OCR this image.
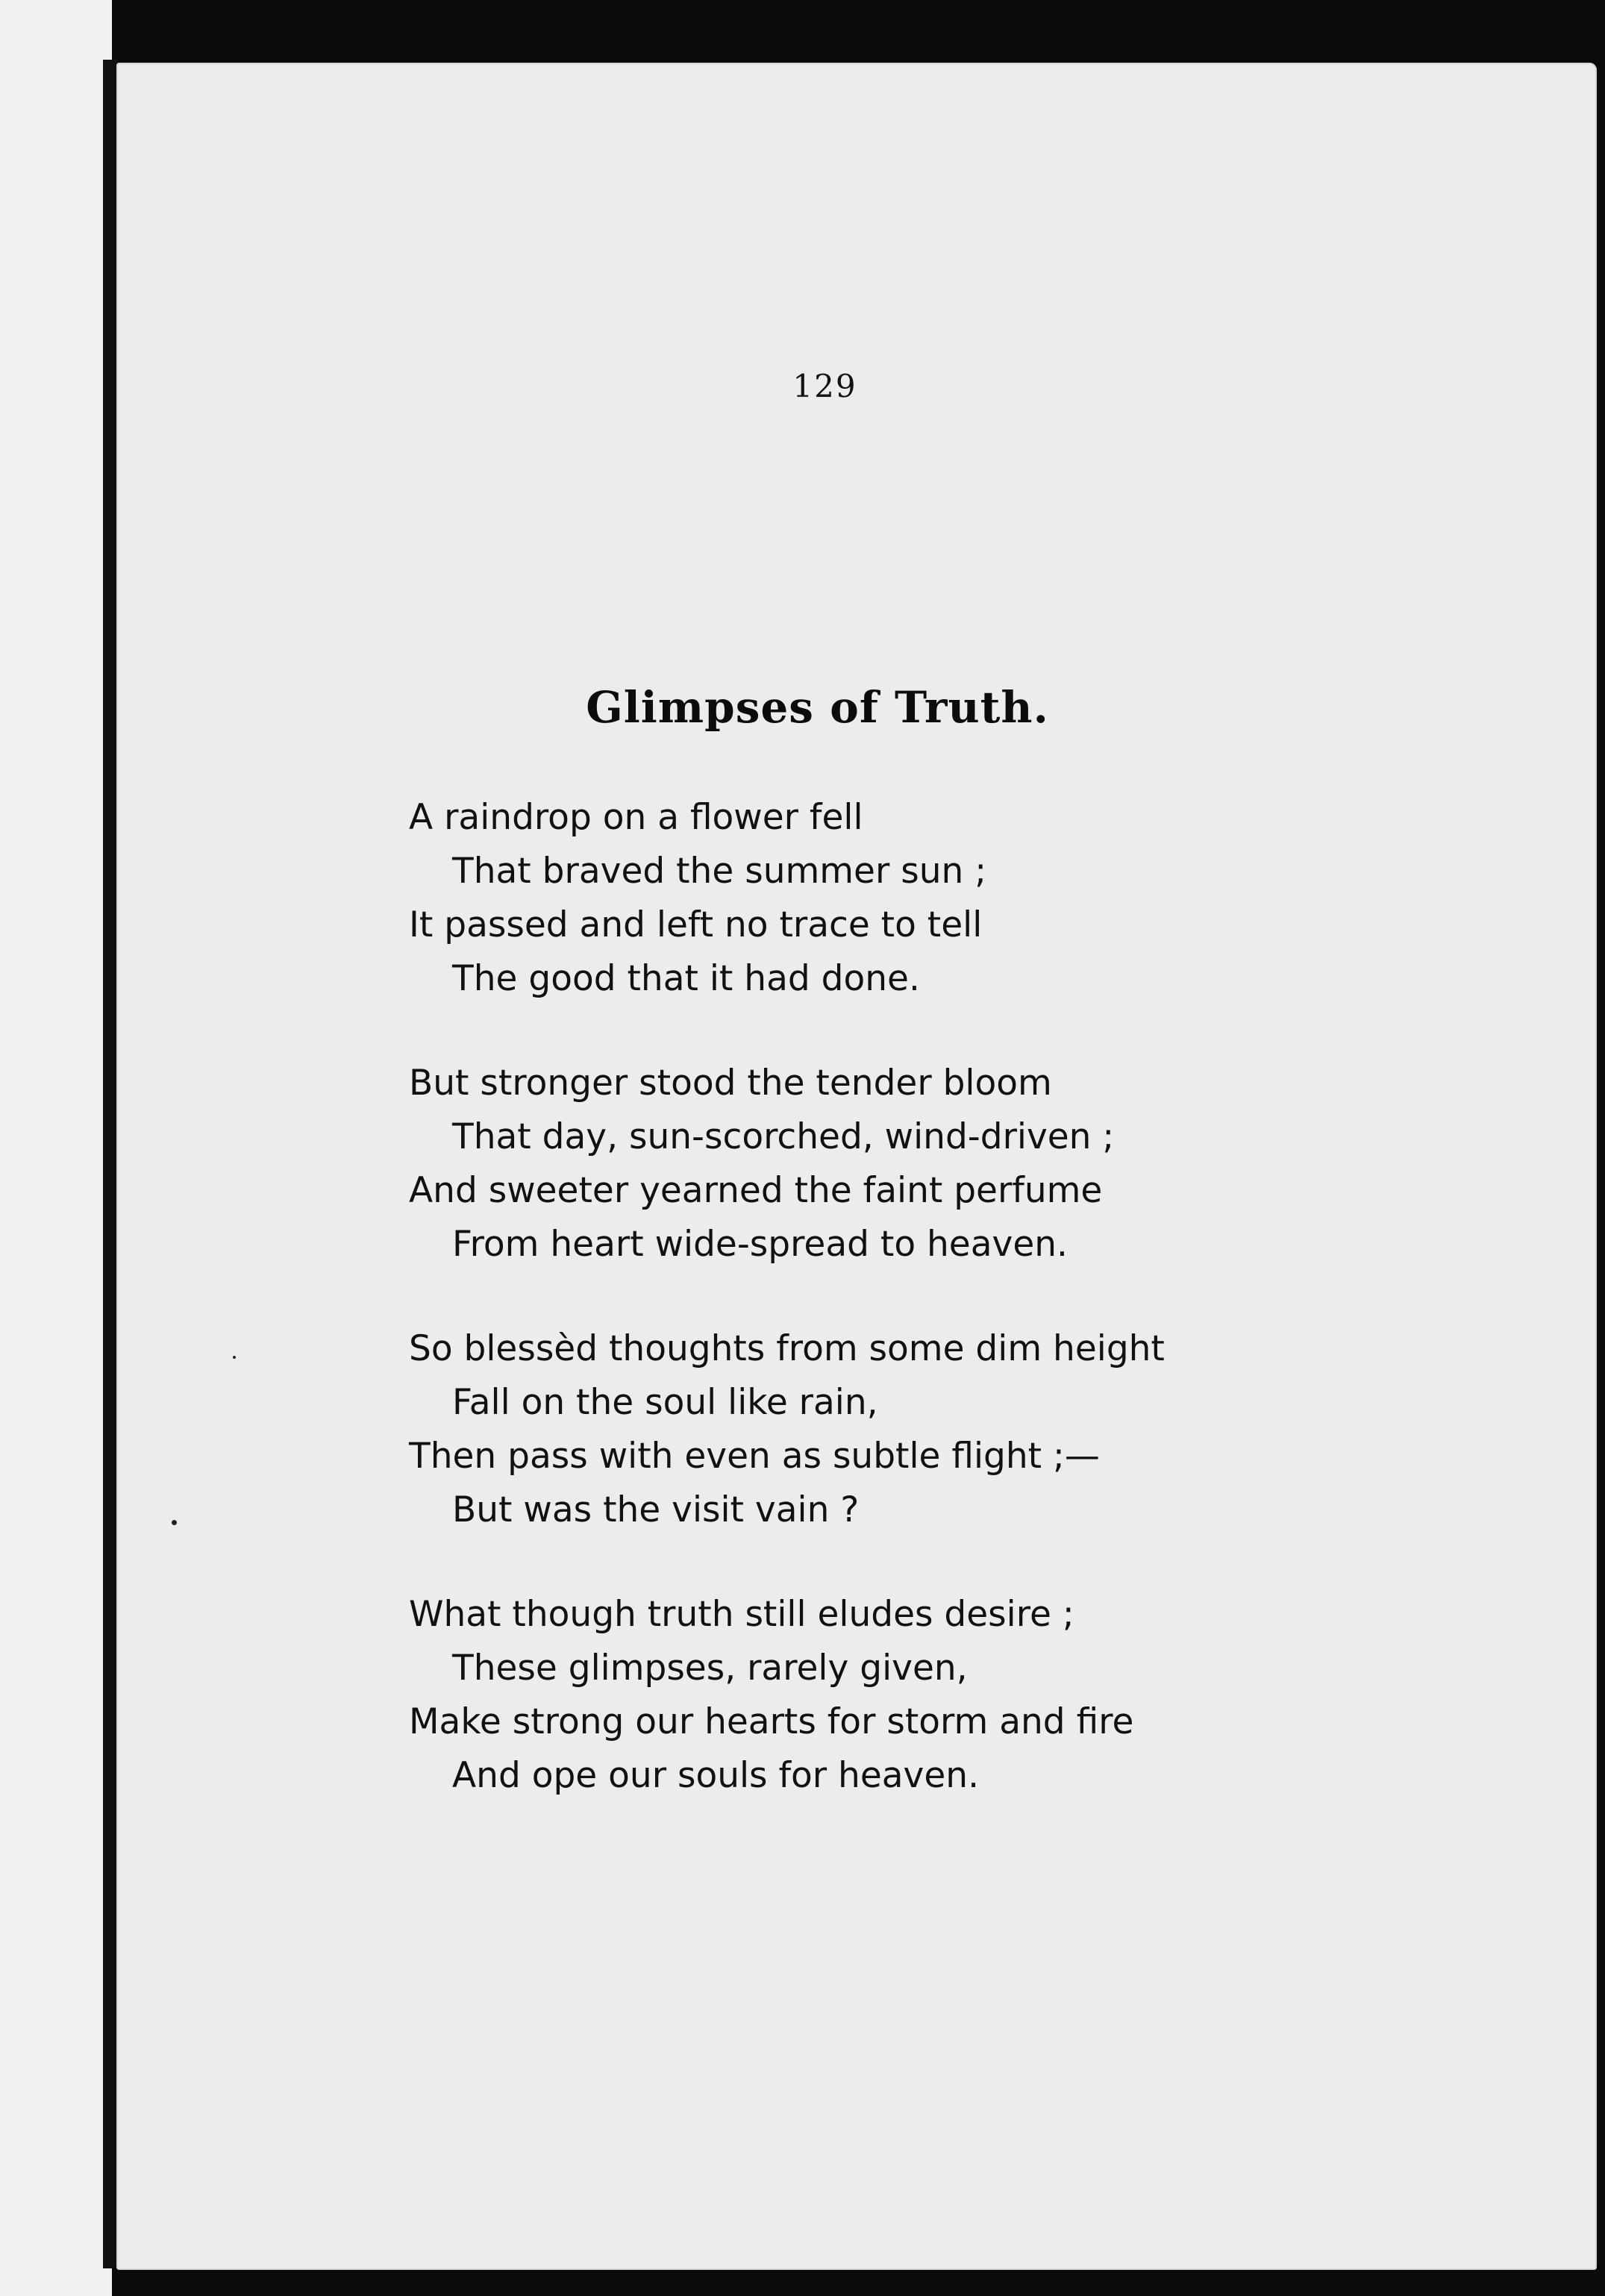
129
Glimpses of Truth.
A raindrop on a flower fell
That braved the summer sun ;
It passed and left no trace to tell
The good that it had done.
But stronger stood the tender bloom
That day, sun-scorched, wind-driven ;
And sweeter yearned the faint perfume
From heart wide-spread to heaven.
So blessèd thoughts from some dim height
Fall on the soul like rain,
Then pass with even as subtle flight ;—
But was the visit vain ?
What though truth still eludes desire ;
These glimpses, rarely given,
Make strong our hearts for storm and fire
And ope our souls for heaven.
